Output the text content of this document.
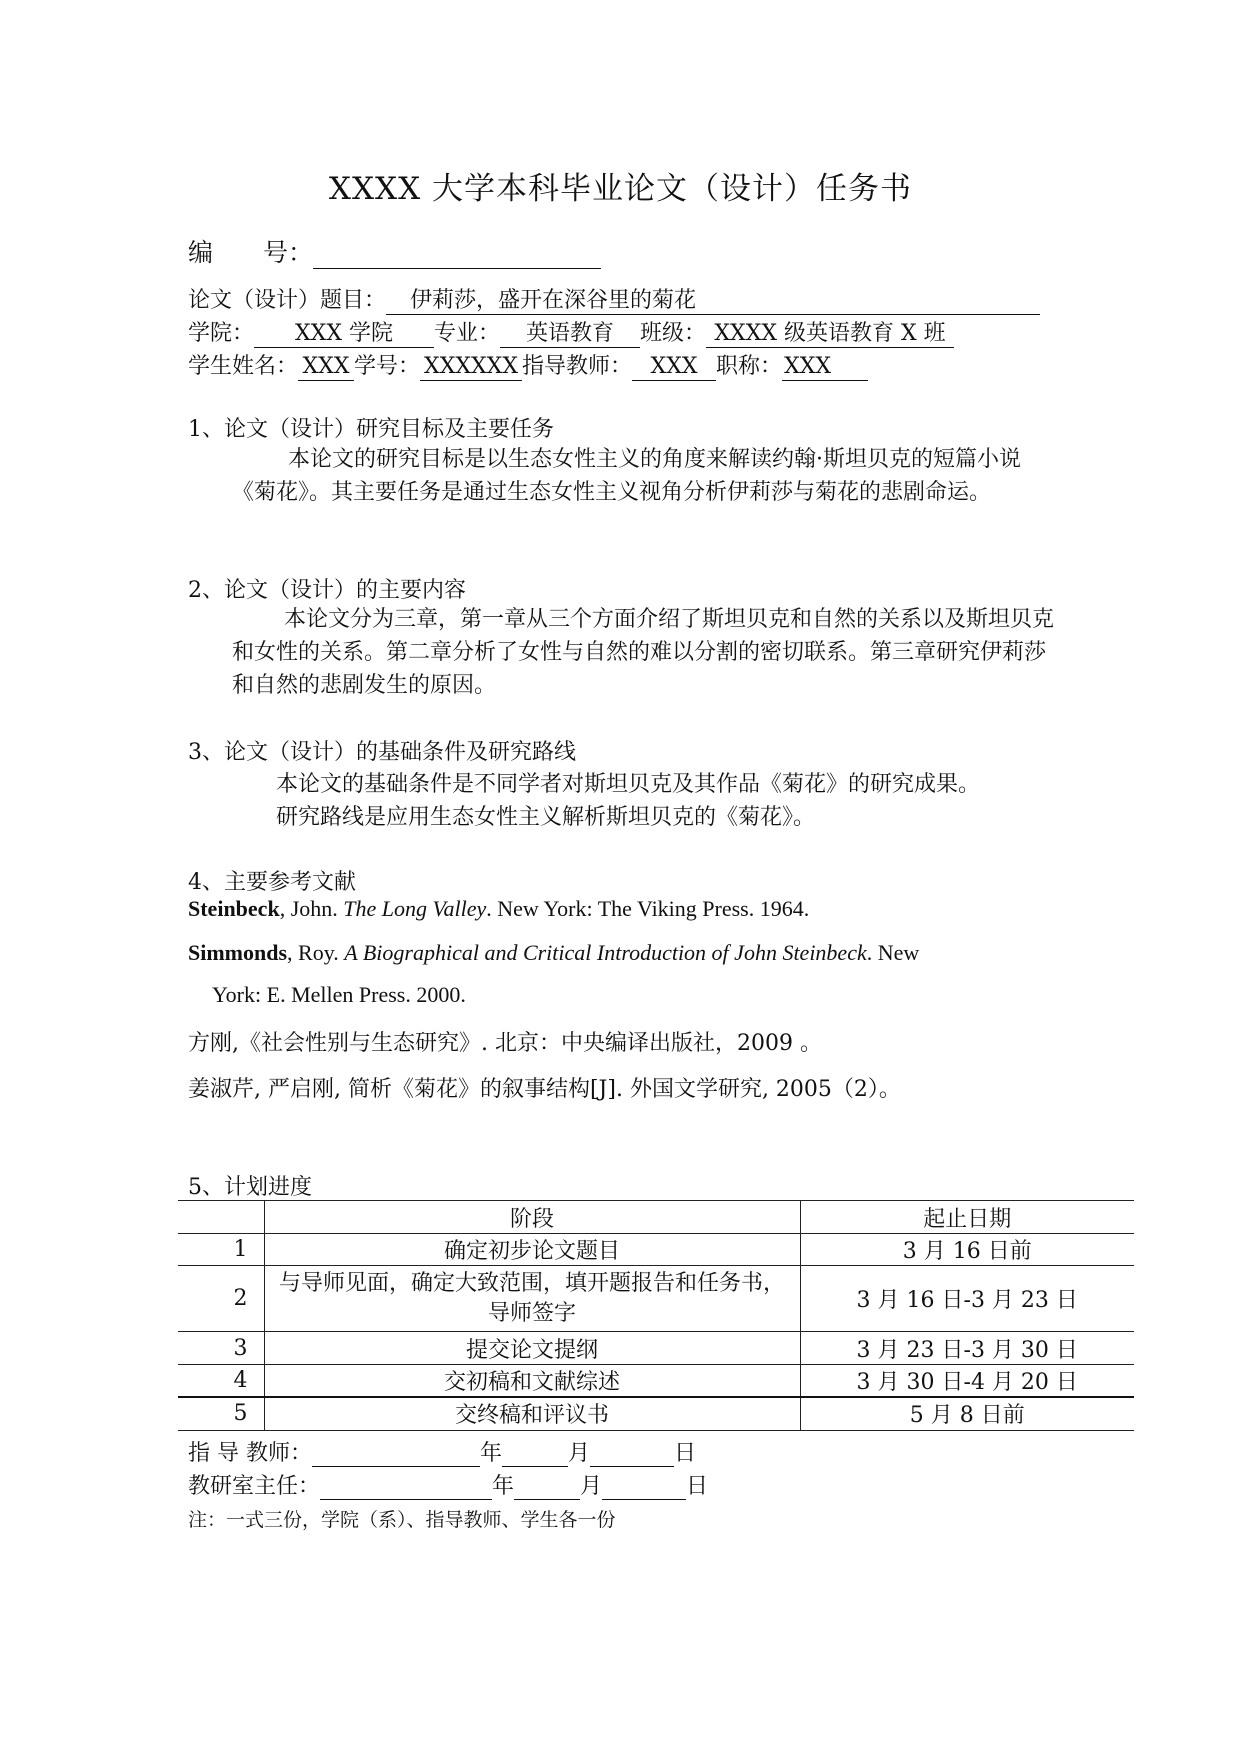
XXXX 大学本科毕业论文（设计）任务书
编　　号：
论文（设计）题目： 伊莉莎，盛开在深谷里的菊花
学院： XXX 学院 专业： 英语教育 班级： XXXX 级英语教育 X 班
学生姓名： XXX 学号： XXXXXX 指导教师： XXX 职称：XXX
1、论文（设计）研究目标及主要任务
本论文的研究目标是以生态女性主义的角度来解读约翰·斯坦贝克的短篇小说《菊花》。其主要任务是通过生态女性主义视角分析伊莉莎与菊花的悲剧命运。
2、论文（设计）的主要内容
本论文分为三章，第一章从三个方面介绍了斯坦贝克和自然的关系以及斯坦贝克和女性的关系。第二章分析了女性与自然的难以分割的密切联系。第三章研究伊莉莎和自然的悲剧发生的原因。
3、论文（设计）的基础条件及研究路线
本论文的基础条件是不同学者对斯坦贝克及其作品《菊花》的研究成果。
研究路线是应用生态女性主义解析斯坦贝克的《菊花》。
4、主要参考文献
Steinbeck, John. The Long Valley. New York: The Viking Press. 1964.
Simmonds, Roy. A Biographical and Critical Introduction of John Steinbeck. New
York: E. Mellen Press. 2000.
方刚,《社会性别与生态研究》. 北京：中央编译出版社，2009 。
姜淑芹, 严启刚, 简析《菊花》的叙事结构[J]. 外国文学研究, 2005（2）。
5、计划进度
	阶段	起止日期
1	确定初步论文题目	3 月 16 日前
2	与导师见面，确定大致范围，填开题报告和任务书，导师签字	3 月 16 日-3 月 23 日
3	提交论文提纲	3 月 23 日-3 月 30 日
4	交初稿和文献综述	3 月 30 日-4 月 20 日
5	交终稿和评议书	5 月 8 日前
指 导 教师：	年	月	日
教研室主任：	年	月	日
注：一式三份，学院（系）、指导教师、学生各一份
